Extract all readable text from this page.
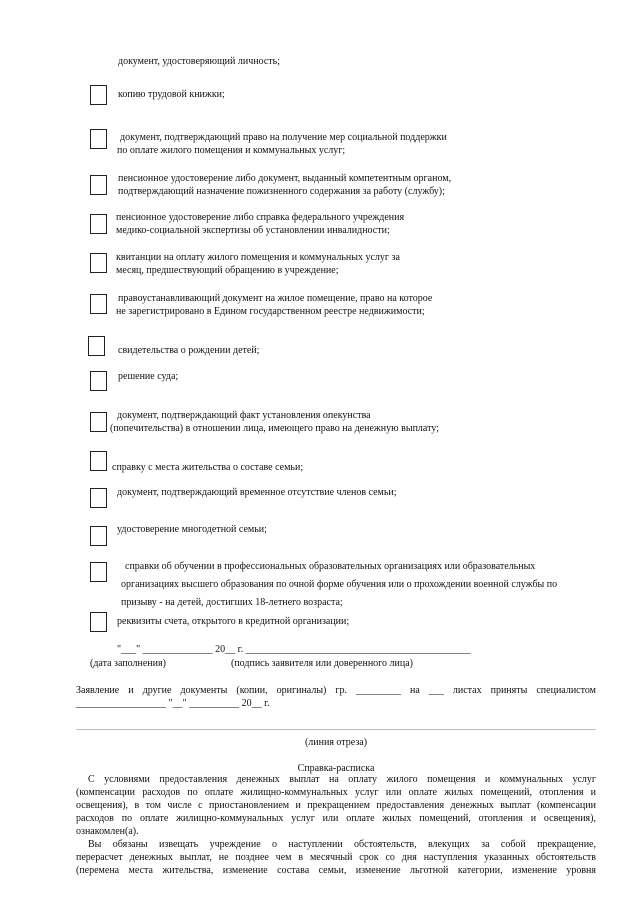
документ, удостоверяющий личность;
копию трудовой книжки;
документ, подтверждающий право на получение мер социальной поддержки
по оплате жилого помещения и коммунальных услуг;
пенсионное удостоверение либо документ, выданный компетентным органом,
подтверждающий назначение пожизненного содержания за работу (службу);
пенсионное удостоверение либо справка федерального учреждения
медико-социальной экспертизы об установлении инвалидности;
квитанции на оплату жилого помещения и коммунальных услуг за
месяц, предшествующий обращению в учреждение;
правоустанавливающий документ на жилое помещение, право на которое
не зарегистрировано в Едином государственном реестре недвижимости;
свидетельства о рождении детей;
решение суда;
документ, подтверждающий факт установления опекунства
(попечительства) в отношении лица, имеющего право на денежную выплату;
справку с места жительства о составе семьи;
документ, подтверждающий временное отсутствие членов семьи;
удостоверение многодетной семьи;
справки об обучении в профессиональных образовательных организациях или образовательных
организациях высшего образования по очной форме обучения или о прохождении военной службы по
призыву - на детей, достигших 18-летнего возраста;
реквизиты счета, открытого в кредитной организации;
"___" ______________ 20__ г. _____________________________________________
(дата заполнения)	(подпись заявителя или доверенного лица)
Заявление и другие документы (копии, оригиналы) гр. _________ на ___ листах приняты специалистом
__________________ "__" __________ 20__ г.
(линия отреза)
Справка-расписка
С условиями предоставления денежных выплат на оплату жилого помещения и коммунальных услуг
(компенсации расходов по оплате жилищно-коммунальных услуг или оплате жилых помещений, отопления и
освещения), в том числе с приостановлением и прекращением предоставления денежных выплат (компенсации
расходов по оплате жилищно-коммунальных услуг или оплате жилых помещений, отопления и освещения),
ознакомлен(а).
Вы обязаны извещать учреждение о наступлении обстоятельств, влекущих за собой прекращение,
перерасчет денежных выплат, не позднее чем в месячный срок со дня наступления указанных обстоятельств
(перемена места жительства, изменение состава семьи, изменение льготной категории, изменение уровня
